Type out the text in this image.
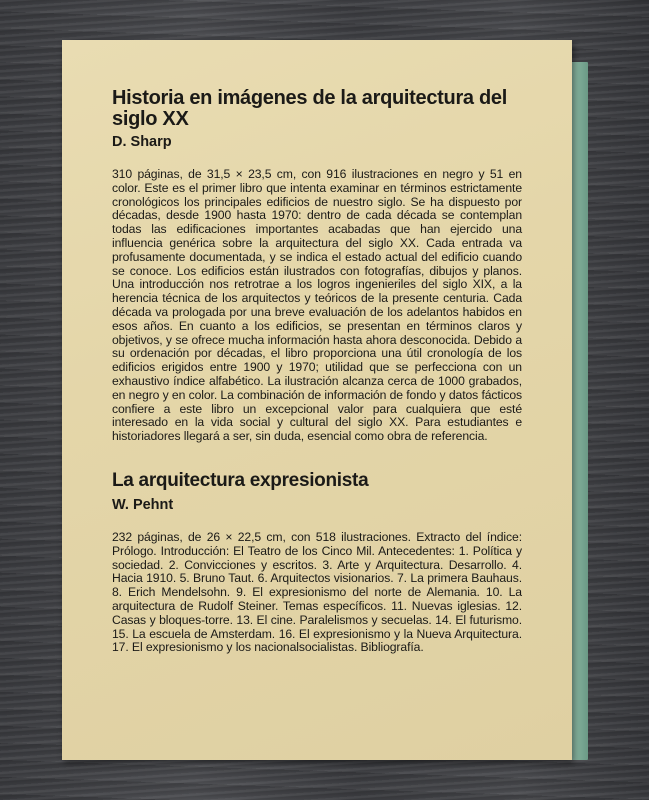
Historia en imágenes de la arquitectura del siglo XX

D. Sharp

310 páginas, de 31,5 × 23,5 cm, con 916 ilustraciones en negro y 51 en color. Este es el primer libro que intenta examinar en términos estrictamente cronológicos los principales edificios de nuestro siglo. Se ha dispuesto por décadas, desde 1900 hasta 1970: dentro de cada década se contemplan todas las edificaciones importantes acabadas que han ejercido una influencia genérica sobre la arquitectura del siglo XX. Cada entrada va profusamente documentada, y se indica el estado actual del edificio cuando se conoce. Los edificios están ilustrados con fotografías, dibujos y planos. Una introducción nos retrotrae a los logros ingenieriles del siglo XIX, a la herencia técnica de los arquitectos y teóricos de la presente centuria. Cada década va prologada por una breve evaluación de los adelantos habidos en esos años. En cuanto a los edificios, se presentan en términos claros y objetivos, y se ofrece mucha información hasta ahora desconocida. Debido a su ordenación por décadas, el libro proporciona una útil cronología de los edificios erigidos entre 1900 y 1970; utilidad que se perfecciona con un exhaustivo índice alfabético. La ilustración alcanza cerca de 1000 grabados, en negro y en color. La combinación de información de fondo y datos fácticos confiere a este libro un excepcional valor para cualquiera que esté interesado en la vida social y cultural del siglo XX. Para estudiantes e historiadores llegará a ser, sin duda, esencial como obra de referencia.

La arquitectura expresionista

W. Pehnt

232 páginas, de 26 × 22,5 cm, con 518 ilustraciones. Extracto del índice: Prólogo. Introducción: El Teatro de los Cinco Mil. Antecedentes: 1. Política y sociedad. 2. Convicciones y escritos. 3. Arte y Arquitectura. Desarrollo. 4. Hacia 1910. 5. Bruno Taut. 6. Arquitectos visionarios. 7. La primera Bauhaus. 8. Erich Mendelsohn. 9. El expresionismo del norte de Alemania. 10. La arquitectura de Rudolf Steiner. Temas específicos. 11. Nuevas iglesias. 12. Casas y bloques-torre. 13. El cine. Paralelismos y secuelas. 14. El futurismo. 15. La escuela de Amsterdam. 16. El expresionismo y la Nueva Arquitectura. 17. El expresionismo y los nacionalsocialistas. Bibliografía.
